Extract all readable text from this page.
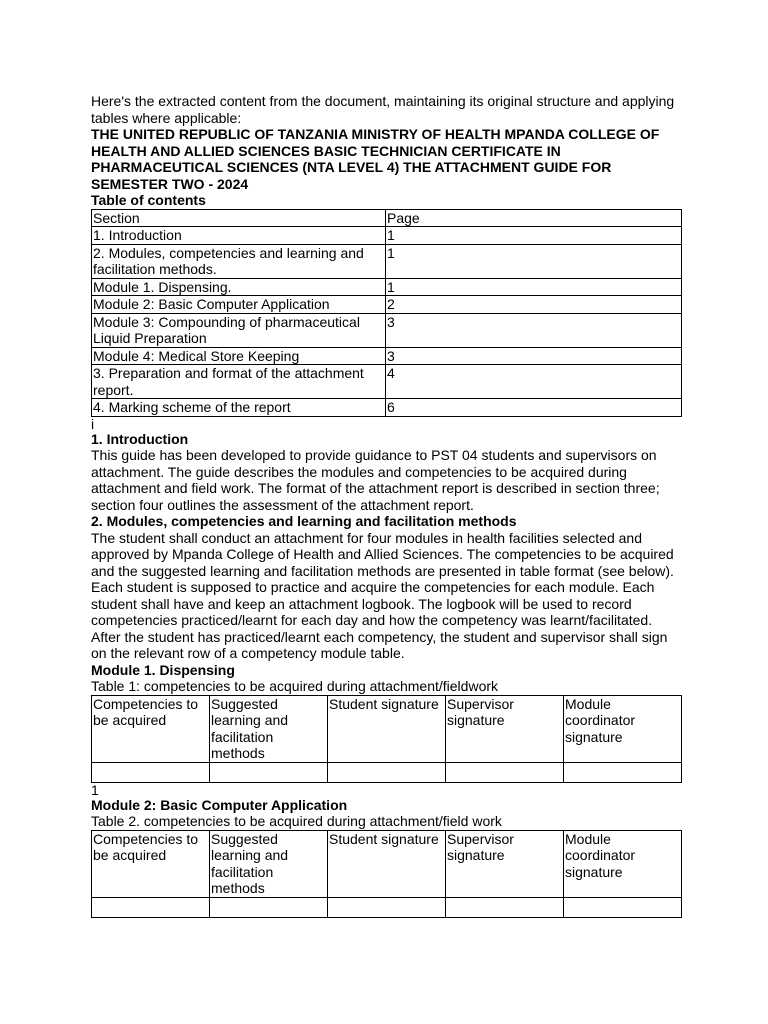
Here's the extracted content from the document, maintaining its original structure and applying tables where applicable:

THE UNITED REPUBLIC OF TANZANIA MINISTRY OF HEALTH MPANDA COLLEGE OF HEALTH AND ALLIED SCIENCES BASIC TECHNICIAN CERTIFICATE IN PHARMACEUTICAL SCIENCES (NTA LEVEL 4) THE ATTACHMENT GUIDE FOR SEMESTER TWO - 2024

Table of contents

Section	Page
1. Introduction	1
2. Modules, competencies and learning and facilitation methods.	1
Module 1. Dispensing.	1
Module 2: Basic Computer Application	2
Module 3: Compounding of pharmaceutical Liquid Preparation	3
Module 4: Medical Store Keeping	3
3. Preparation and format of the attachment report.	4
4. Marking scheme of the report	6

i

1. Introduction

This guide has been developed to provide guidance to PST 04 students and supervisors on attachment. The guide describes the modules and competencies to be acquired during attachment and field work. The format of the attachment report is described in section three; section four outlines the assessment of the attachment report.

2. Modules, competencies and learning and facilitation methods

The student shall conduct an attachment for four modules in health facilities selected and approved by Mpanda College of Health and Allied Sciences. The competencies to be acquired and the suggested learning and facilitation methods are presented in table format (see below). Each student is supposed to practice and acquire the competencies for each module. Each student shall have and keep an attachment logbook. The logbook will be used to record competencies practiced/learnt for each day and how the competency was learnt/facilitated. After the student has practiced/learnt each competency, the student and supervisor shall sign on the relevant row of a competency module table.

Module 1. Dispensing

Table 1: competencies to be acquired during attachment/fieldwork

Competencies to be acquired	Suggested learning and facilitation methods	Student signature	Supervisor signature	Module coordinator signature

1

Module 2: Basic Computer Application

Table 2. competencies to be acquired during attachment/field work

Competencies to be acquired	Suggested learning and facilitation methods	Student signature	Supervisor signature	Module coordinator signature
